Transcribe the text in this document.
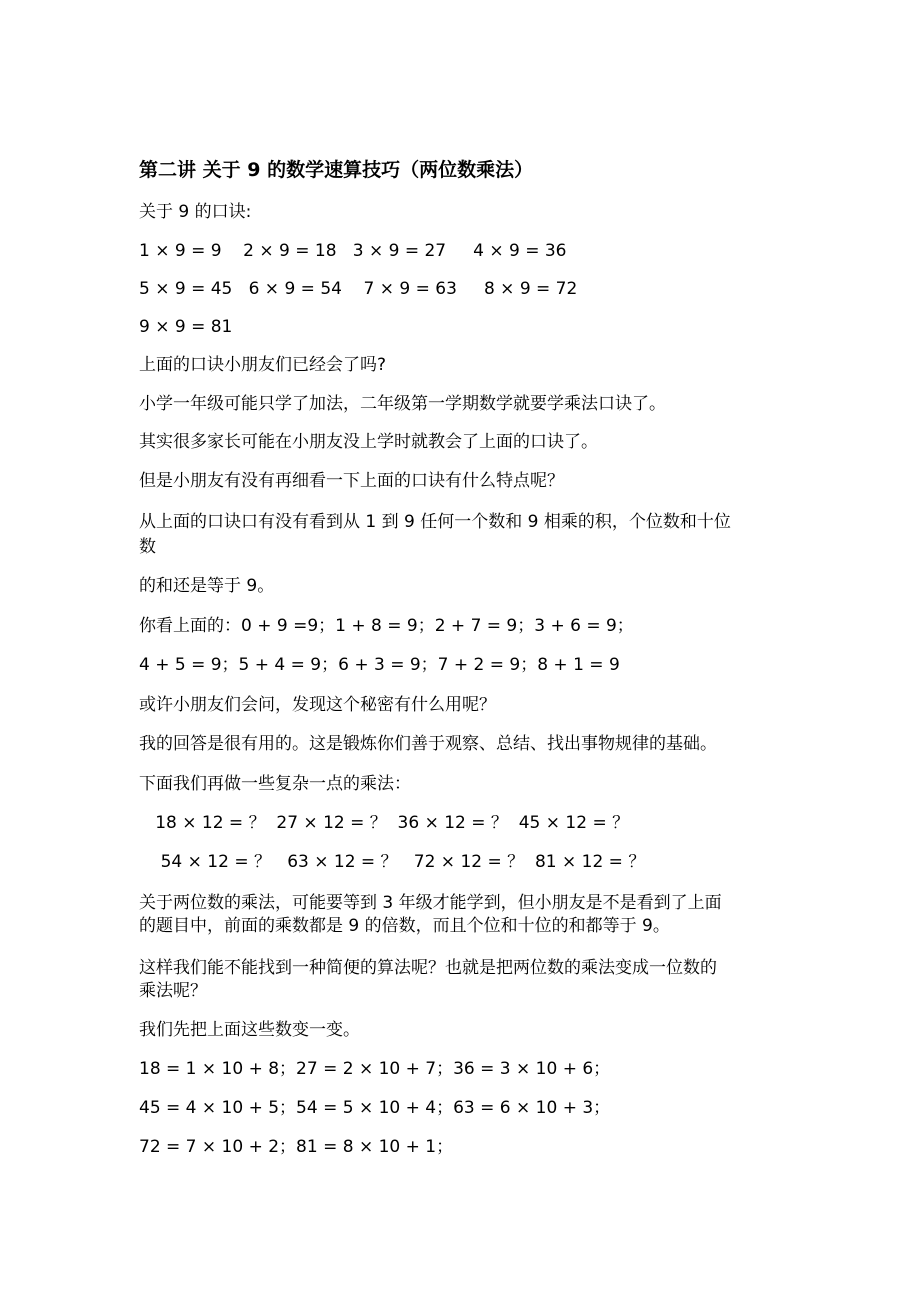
第二讲 关于 9 的数学速算技巧（两位数乘法）
关于 9 的口诀:
1 × 9 = 9    2 × 9 = 18   3 × 9 = 27     4 × 9 = 36
5 × 9 = 45   6 × 9 = 54    7 × 9 = 63     8 × 9 = 72
9 × 9 = 81
上面的口诀小朋友们已经会了吗?
小学一年级可能只学了加法，二年级第一学期数学就要学乘法口诀了。
其实很多家长可能在小朋友没上学时就教会了上面的口诀了。
但是小朋友有没有再细看一下上面的口诀有什么特点呢？
从上面的口诀口有没有看到从 1 到 9 任何一个数和 9 相乘的积，个位数和十位
数
的和还是等于 9。
你看上面的：0 + 9 =9；1 + 8 = 9；2 + 7 = 9；3 + 6 = 9；
4 + 5 = 9；5 + 4 = 9；6 + 3 = 9；7 + 2 = 9；8 + 1 = 9
或许小朋友们会问，发现这个秘密有什么用呢？
我的回答是很有用的。这是锻炼你们善于观察、总结、找出事物规律的基础。
下面我们再做一些复杂一点的乘法：
18 × 12 = ？  27 × 12 = ？  36 × 12 = ？  45 × 12 = ？
54 × 12 = ？   63 × 12 = ？   72 × 12 = ？  81 × 12 = ？
关于两位数的乘法，可能要等到 3 年级才能学到，但小朋友是不是看到了上面
的题目中，前面的乘数都是 9 的倍数，而且个位和十位的和都等于 9。
这样我们能不能找到一种简便的算法呢？也就是把两位数的乘法变成一位数的
乘法呢？
我们先把上面这些数变一变。
18 = 1 × 10 + 8；27 = 2 × 10 + 7；36 = 3 × 10 + 6；
45 = 4 × 10 + 5；54 = 5 × 10 + 4；63 = 6 × 10 + 3；
72 = 7 × 10 + 2；81 = 8 × 10 + 1；
